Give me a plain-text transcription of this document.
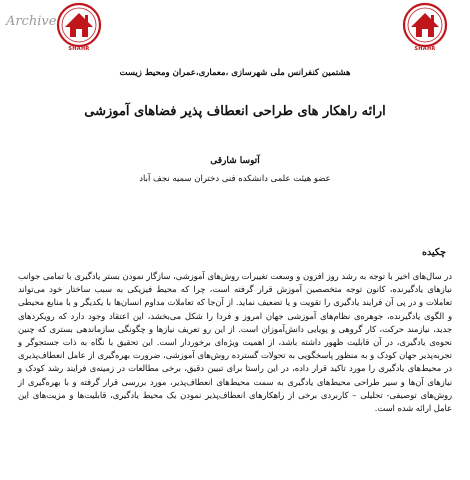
Archive
SHAHR	SHAHR
هشتمین کنفرانس ملی شهرسازی ،معماری،عمران ومحیط زیست
ارائه راهکار های طراحی انعطاف پذیر فضاهای آموزشی
آتوسا شارقی
عضو هیئت علمی دانشکده فنی دختران سمیه نجف آباد
چکیده
در سال‌های اخیر با توجه به رشد روز افزون و وسعت تغییرات روش‌های آموزشی، سازگار نمودن بستر یادگیری با تمامی جوانب نیازهای یادگیرنده، کانون توجه متخصصین آموزش قرار گرفته است، چرا که محیط فیزیکی به سبب ساختار خود می‌تواند تعاملات و در پی آن فرایند یادگیری را تقویت و یا تضعیف نماید. از آن‌جا که تعاملات مداوم انسان‌ها با یکدیگر و با منابع محیطی و الگوی یادگیرنده، جوهره‌ی نظام‌های آموزشی جهان امروز و فردا را شکل می‌بخشد، این اعتقاد وجود دارد که رویکردهای جدید، نیازمند حرکت، کار گروهی و پویایی دانش‌آموزان است. از این رو تعریف نیازها و چگونگی سازماندهی بستری که چنین نحوه‌ی یادگیری، در آن قابلیت ظهور داشته باشد، از اهمیت ویژه‌ای برخوردار است. این تحقیق با نگاه به ذات جستجوگر و تجربه‌پذیر جهان کودک و به منظور پاسخگویی به تحولات گسترده روش‌های آموزشی، ضرورت بهره‌گیری از عامل انعطاف‌پذیری در محیط‌های یادگیری را مورد تاکید قرار داده، در این راستا برای تبیین دقیق، برخی مطالعات در زمینه‌ی فرایند رشد کودک و نیازهای آن‌ها و سیر طراحی محیط‌های یادگیری به سمت محیط‌های انعطاف‌پذیر، مورد بررسی قرار گرفته و با بهره‌گیری از روش‌های توصیفی- تحلیلی – کاربردی برخی از راهکارهای انعطاف‌پذیر نمودن یک محیط یادگیری، قابلیت‌ها و مزیت‌های این عامل ارائه شده است.
